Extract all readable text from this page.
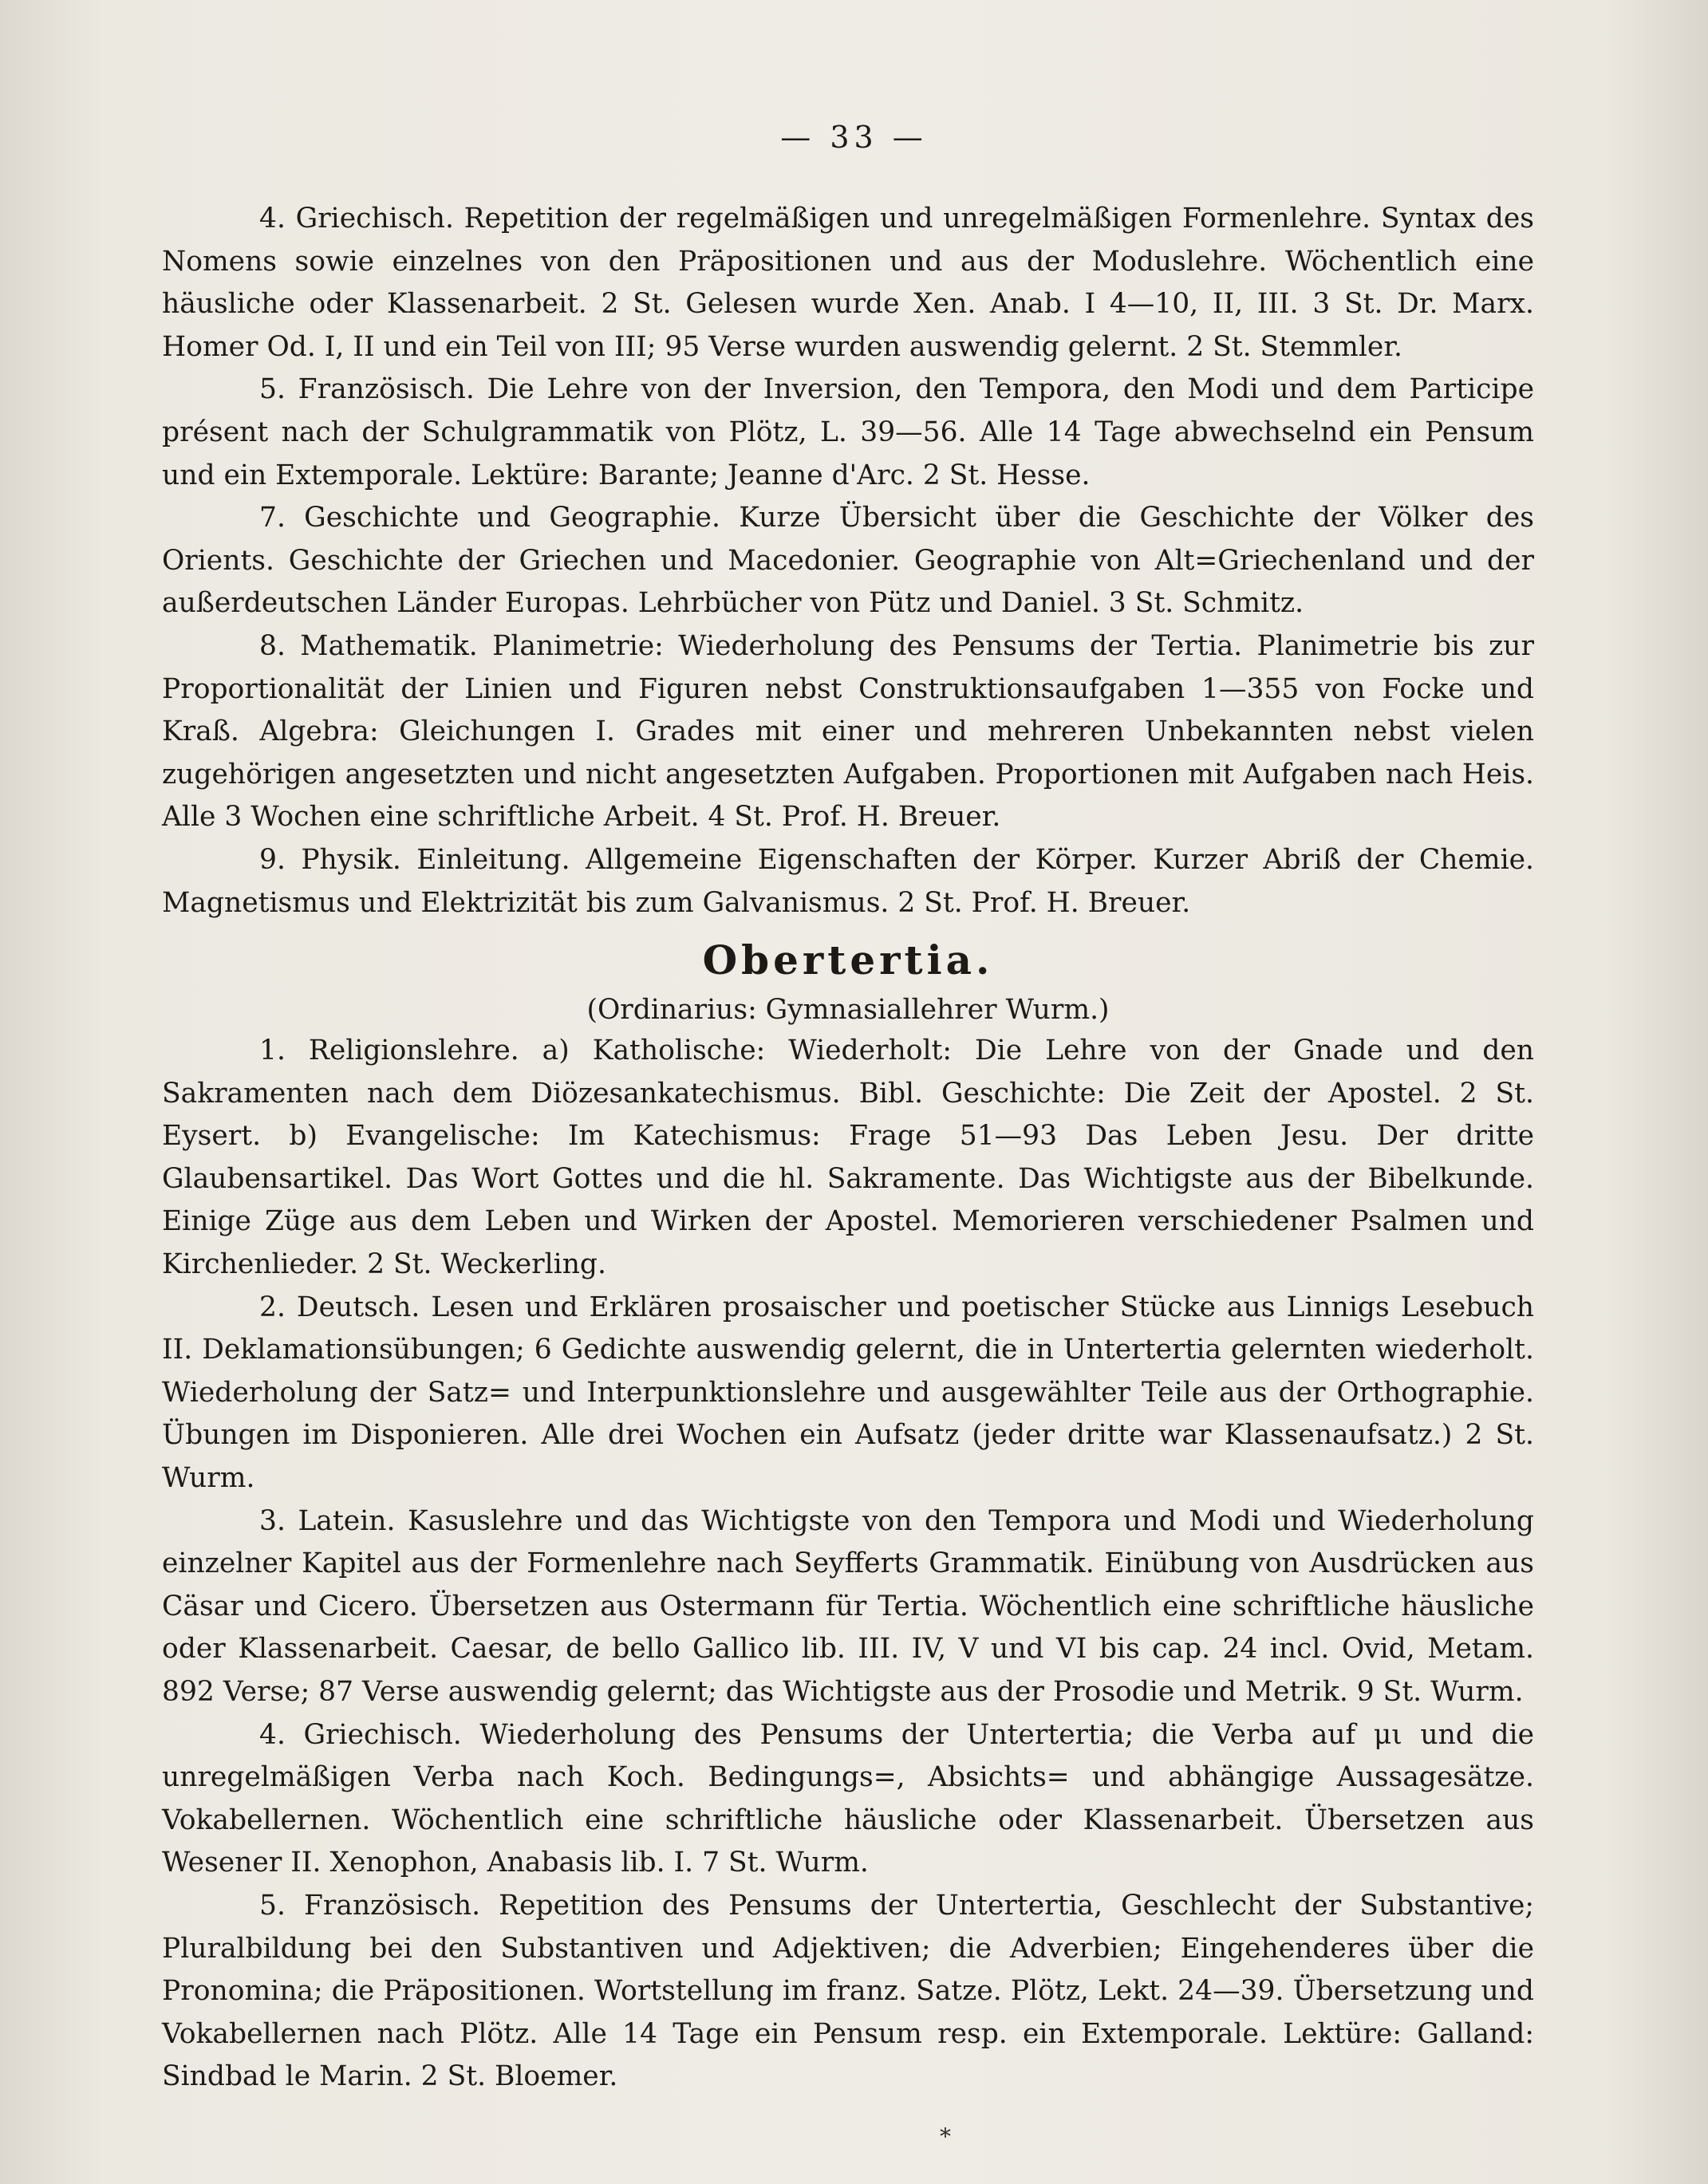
— 33 —

4. Griechisch. Repetition der regelmäßigen und unregelmäßigen Formenlehre. Syntax des Nomens sowie einzelnes von den Präpositionen und aus der Moduslehre. Wöchentlich eine häusliche oder Klassenarbeit. 2 St. Gelesen wurde Xen. Anab. I 4—10, II, III. 3 St. Dr. Marx. Homer Od. I, II und ein Teil von III; 95 Verse wurden auswendig gelernt. 2 St. Stemmler.

5. Französisch. Die Lehre von der Inversion, den Tempora, den Modi und dem Participe présent nach der Schulgrammatik von Plötz, L. 39—56. Alle 14 Tage abwechselnd ein Pensum und ein Extemporale. Lektüre: Barante; Jeanne d'Arc. 2 St. Hesse.

7. Geschichte und Geographie. Kurze Übersicht über die Geschichte der Völker des Orients. Geschichte der Griechen und Macedonier. Geographie von Alt=Griechenland und der außerdeutschen Länder Europas. Lehrbücher von Pütz und Daniel. 3 St. Schmitz.

8. Mathematik. Planimetrie: Wiederholung des Pensums der Tertia. Planimetrie bis zur Proportionalität der Linien und Figuren nebst Construktionsaufgaben 1—355 von Focke und Kraß. Algebra: Gleichungen I. Grades mit einer und mehreren Unbekannten nebst vielen zugehörigen angesetzten und nicht angesetzten Aufgaben. Proportionen mit Aufgaben nach Heis. Alle 3 Wochen eine schriftliche Arbeit. 4 St. Prof. H. Breuer.

9. Physik. Einleitung. Allgemeine Eigenschaften der Körper. Kurzer Abriß der Chemie. Magnetismus und Elektrizität bis zum Galvanismus. 2 St. Prof. H. Breuer.

Obertertia.
(Ordinarius: Gymnasiallehrer Wurm.)

1. Religionslehre. a) Katholische: Wiederholt: Die Lehre von der Gnade und den Sakramenten nach dem Diözesankatechismus. Bibl. Geschichte: Die Zeit der Apostel. 2 St. Eysert. b) Evangelische: Im Katechismus: Frage 51—93 Das Leben Jesu. Der dritte Glaubensartikel. Das Wort Gottes und die hl. Sakramente. Das Wichtigste aus der Bibelkunde. Einige Züge aus dem Leben und Wirken der Apostel. Memorieren verschiedener Psalmen und Kirchenlieder. 2 St. Weckerling.

2. Deutsch. Lesen und Erklären prosaischer und poetischer Stücke aus Linnigs Lesebuch II. Deklamationsübungen; 6 Gedichte auswendig gelernt, die in Untertertia gelernten wiederholt. Wiederholung der Satz= und Interpunktionslehre und ausgewählter Teile aus der Orthographie. Übungen im Disponieren. Alle drei Wochen ein Aufsatz (jeder dritte war Klassenaufsatz.) 2 St. Wurm.

3. Latein. Kasuslehre und das Wichtigste von den Tempora und Modi und Wiederholung einzelner Kapitel aus der Formenlehre nach Seyfferts Grammatik. Einübung von Ausdrücken aus Cäsar und Cicero. Übersetzen aus Ostermann für Tertia. Wöchentlich eine schriftliche häusliche oder Klassenarbeit. Caesar, de bello Gallico lib. III. IV, V und VI bis cap. 24 incl. Ovid, Metam. 892 Verse; 87 Verse auswendig gelernt; das Wichtigste aus der Prosodie und Metrik. 9 St. Wurm.

4. Griechisch. Wiederholung des Pensums der Untertertia; die Verba auf μι und die unregelmäßigen Verba nach Koch. Bedingungs=, Absichts= und abhängige Aussagesätze. Vokabellernen. Wöchentlich eine schriftliche häusliche oder Klassenarbeit. Übersetzen aus Wesener II. Xenophon, Anabasis lib. I. 7 St. Wurm.

5. Französisch. Repetition des Pensums der Untertertia, Geschlecht der Substantive; Pluralbildung bei den Substantiven und Adjektiven; die Adverbien; Eingehenderes über die Pronomina; die Präpositionen. Wortstellung im franz. Satze. Plötz, Lekt. 24—39. Übersetzung und Vokabellernen nach Plötz. Alle 14 Tage ein Pensum resp. ein Extemporale. Lektüre: Galland: Sindbad le Marin. 2 St. Bloemer.

*
